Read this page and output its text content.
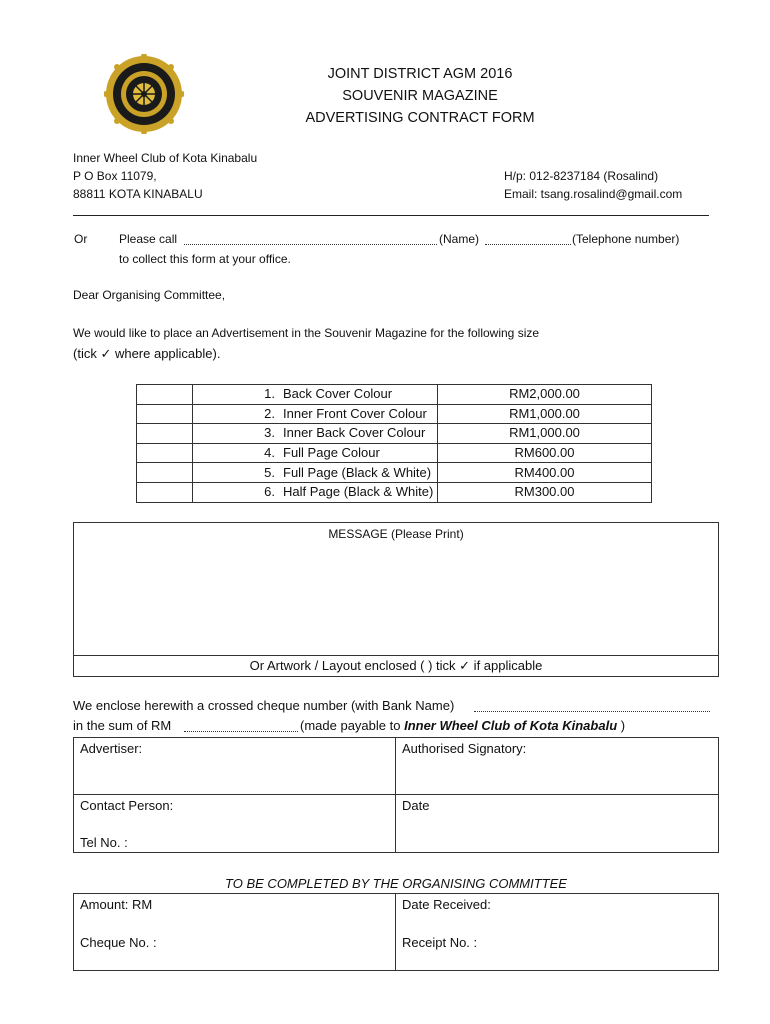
JOINT DISTRICT AGM 2016
SOUVENIR MAGAZINE
ADVERTISING CONTRACT FORM
Inner Wheel Club of Kota Kinabalu
P O Box 11079,
88811 KOTA KINABALU
H/p: 012-8237184 (Rosalind)
Email: tsang.rosalind@gmail.com
Or	Please call	(Name)	(Telephone number)
to collect this form at your office.
Dear Organising Committee,
We would like to place an Advertisement in the Souvenir Magazine for the following size
(tick ✓ where applicable).
	1. Back Cover Colour	RM2,000.00
	2. Inner Front Cover Colour	RM1,000.00
	3. Inner Back Cover Colour	RM1,000.00
	4. Full Page Colour	RM600.00
	5. Full Page (Black & White)	RM400.00
	6. Half Page (Black & White)	RM300.00
MESSAGE (Please Print)
Or Artwork / Layout enclosed ( ) tick ✓ if applicable
We enclose herewith a crossed cheque number (with Bank Name)
in the sum of RM	(made payable to Inner Wheel Club of Kota Kinabalu )
Advertiser:	Authorised Signatory:
Contact Person:	Date
Tel No. :
TO BE COMPLETED BY THE ORGANISING COMMITTEE
Amount: RM	Date Received:
Cheque No. :	Receipt No. :
